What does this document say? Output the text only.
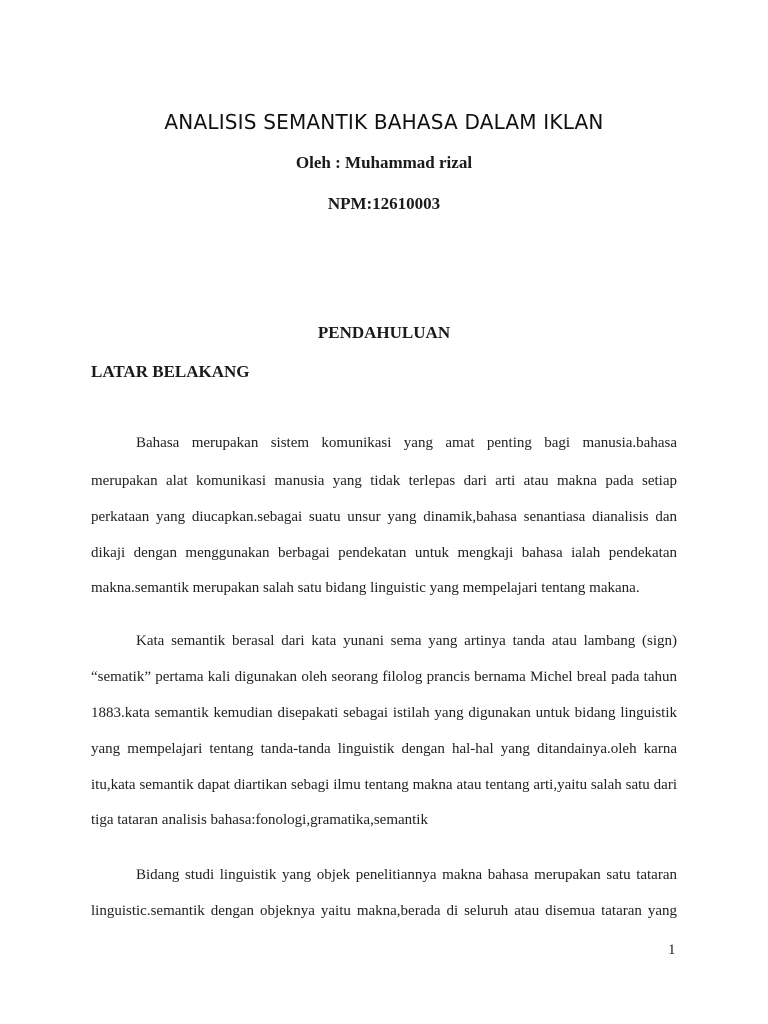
ANALISIS SEMANTIK BAHASA DALAM IKLAN

Oleh : Muhammad rizal

NPM:12610003

PENDAHULUAN
LATAR BELAKANG

Bahasa merupakan sistem komunikasi yang amat penting bagi manusia.bahasa

merupakan alat komunikasi manusia yang tidak terlepas dari arti atau makna pada setiap

perkataan yang diucapkan.sebagai suatu unsur yang dinamik,bahasa senantiasa dianalisis dan

dikaji dengan menggunakan berbagai pendekatan untuk mengkaji bahasa ialah pendekatan

makna.semantik merupakan salah satu bidang linguistic yang mempelajari tentang makana.

Kata semantik berasal dari kata yunani sema yang artinya tanda atau lambang (sign)

“sematik” pertama kali digunakan oleh seorang filolog prancis bernama Michel breal pada tahun

1883.kata semantik kemudian disepakati sebagai istilah yang digunakan untuk bidang linguistik

yang mempelajari tentang tanda-tanda linguistik dengan hal-hal yang ditandainya.oleh karna

itu,kata semantik dapat diartikan sebagi ilmu tentang makna atau tentang arti,yaitu salah satu dari

tiga tataran analisis bahasa:fonologi,gramatika,semantik

Bidang studi linguistik yang objek penelitiannya makna bahasa merupakan satu tataran

linguistic.semantik dengan objeknya yaitu makna,berada di seluruh atau disemua tataran yang

1
